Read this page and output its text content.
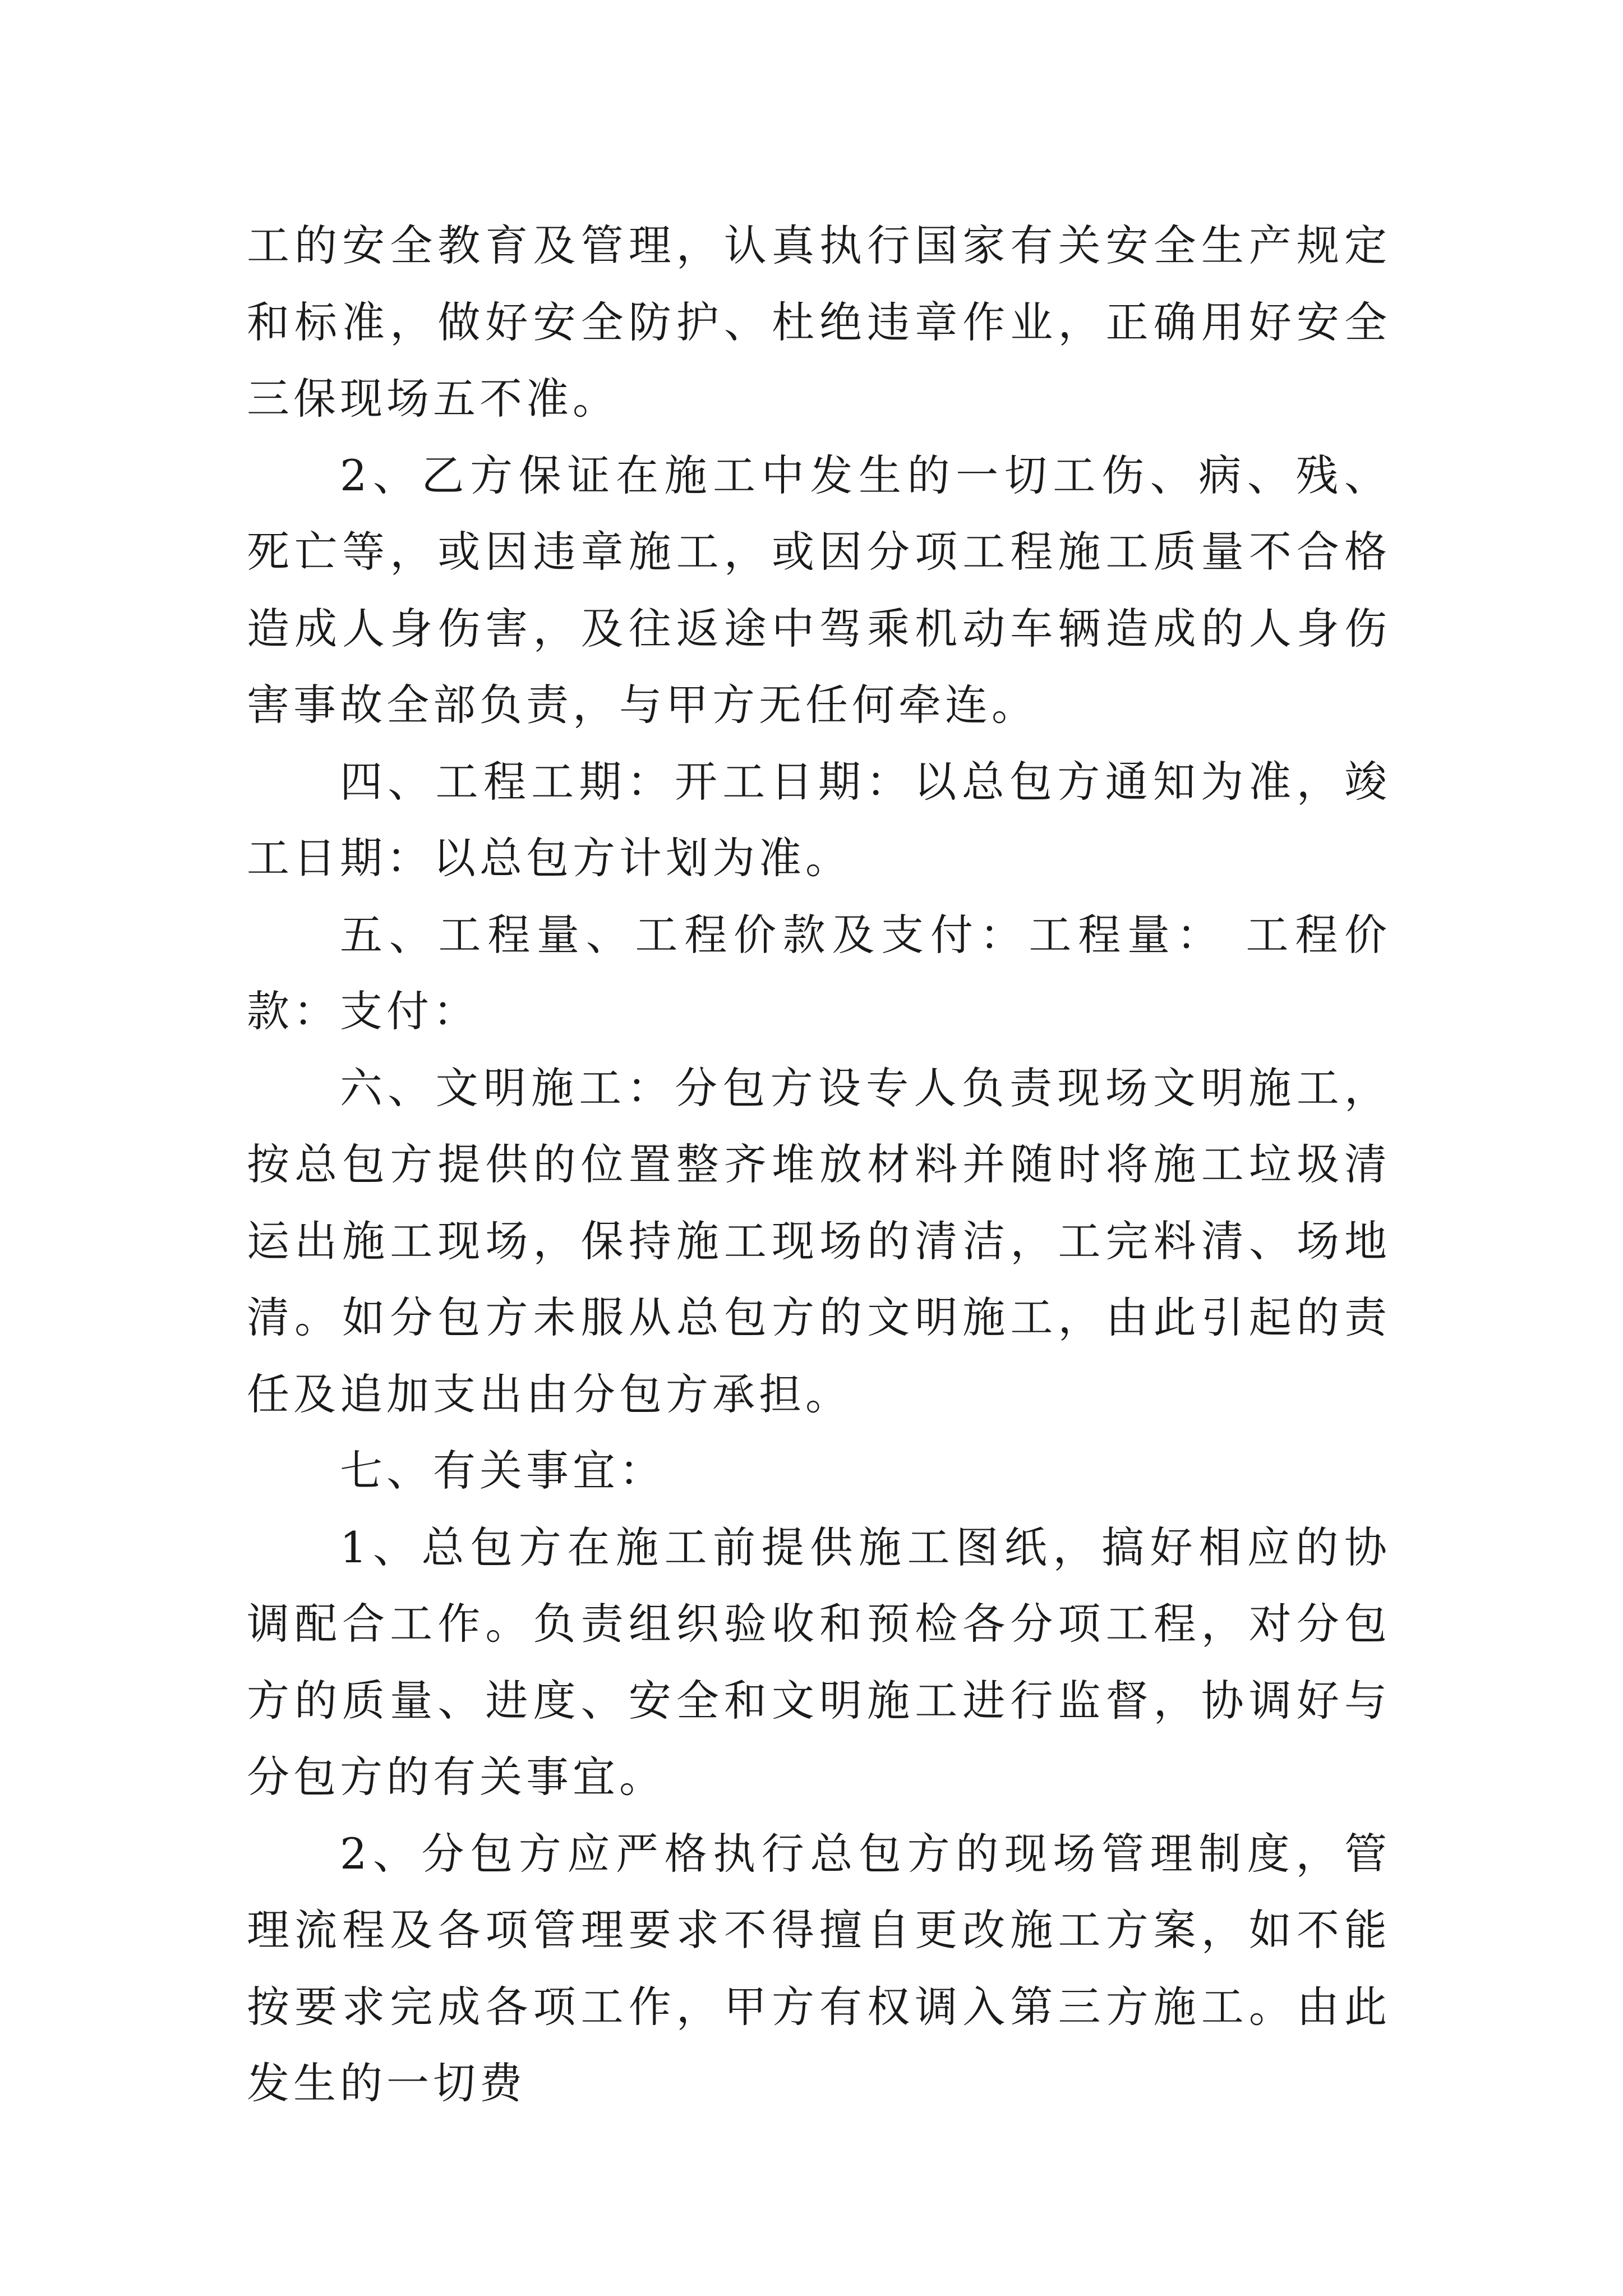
工的安全教育及管理，认真执行国家有关安全生产规定和标准，做好安全防护、杜绝违章作业，正确用好安全三保现场五不准。

2、乙方保证在施工中发生的一切工伤、病、残、死亡等，或因违章施工，或因分项工程施工质量不合格造成人身伤害，及往返途中驾乘机动车辆造成的人身伤害事故全部负责，与甲方无任何牵连。

四、工程工期：开工日期：以总包方通知为准，竣工日期：以总包方计划为准。

五、工程量、工程价款及支付：工程量： 工程价款：支付：

六、文明施工：分包方设专人负责现场文明施工，按总包方提供的位置整齐堆放材料并随时将施工垃圾清运出施工现场，保持施工现场的清洁，工完料清、场地清。如分包方未服从总包方的文明施工，由此引起的责任及追加支出由分包方承担。

七、有关事宜：

1、总包方在施工前提供施工图纸，搞好相应的协调配合工作。负责组织验收和预检各分项工程，对分包方的质量、进度、安全和文明施工进行监督，协调好与分包方的有关事宜。

2、分包方应严格执行总包方的现场管理制度，管理流程及各项管理要求不得擅自更改施工方案，如不能按要求完成各项工作，甲方有权调入第三方施工。由此发生的一切费
